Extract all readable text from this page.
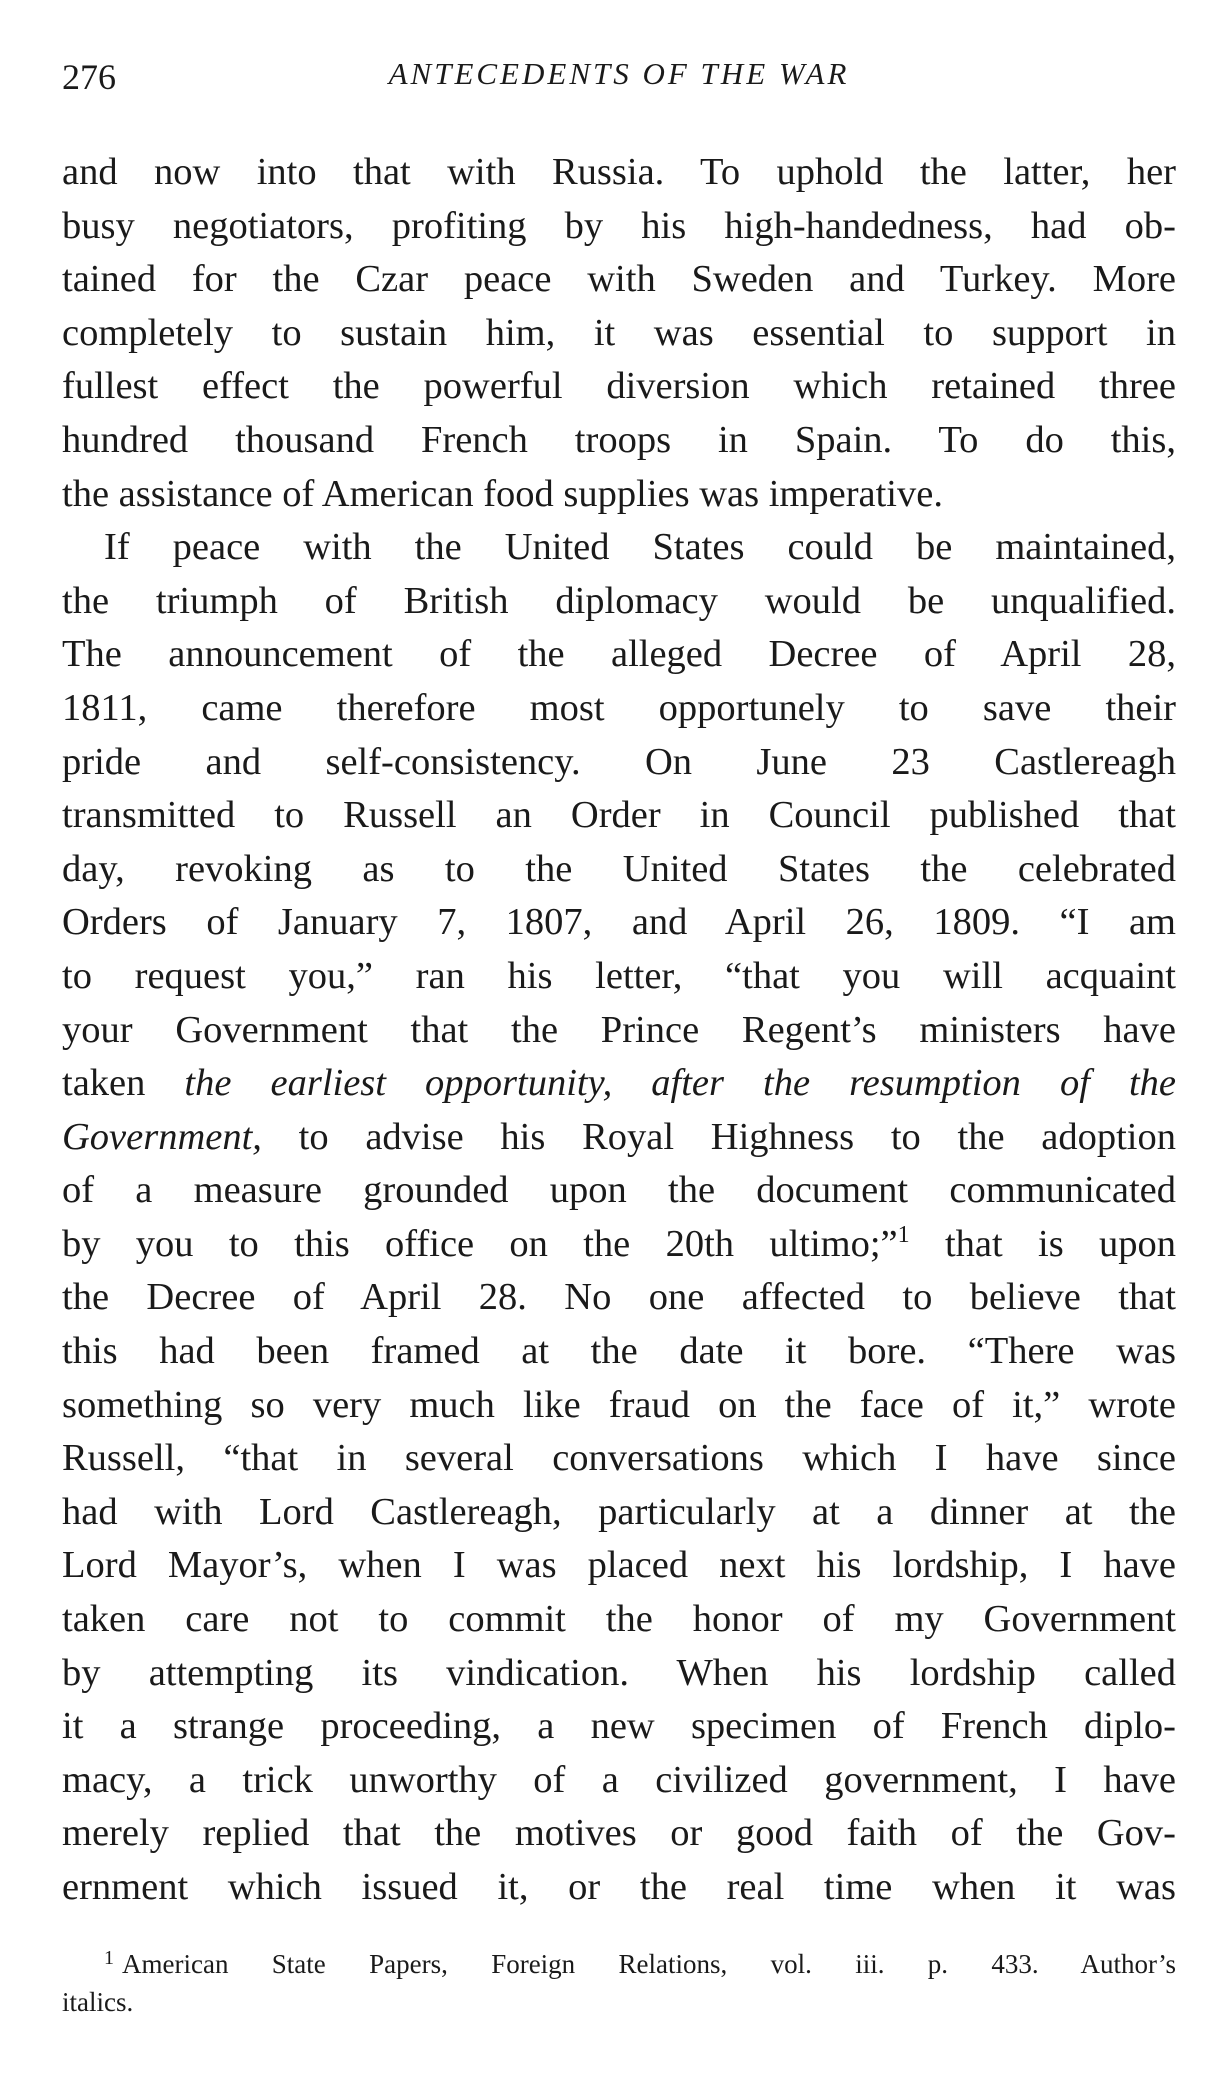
276	ANTECEDENTS OF THE WAR
and now into that with Russia. To uphold the latter, her
busy negotiators, profiting by his high-handedness, had ob-
tained for the Czar peace with Sweden and Turkey. More
completely to sustain him, it was essential to support in
fullest effect the powerful diversion which retained three
hundred thousand French troops in Spain. To do this,
the assistance of American food supplies was imperative.
If peace with the United States could be maintained,
the triumph of British diplomacy would be unqualified.
The announcement of the alleged Decree of April 28,
1811, came therefore most opportunely to save their
pride and self-consistency. On June 23 Castlereagh
transmitted to Russell an Order in Council published that
day, revoking as to the United States the celebrated
Orders of January 7, 1807, and April 26, 1809. “I am
to request you,” ran his letter, “that you will acquaint
your Government that the Prince Regent’s ministers have
taken the earliest opportunity, after the resumption of the
Government, to advise his Royal Highness to the adoption
of a measure grounded upon the document communicated
by you to this office on the 20th ultimo;”$^1$ that is upon
the Decree of April 28. No one affected to believe that
this had been framed at the date it bore. “There was
something so very much like fraud on the face of it,” wrote
Russell, “that in several conversations which I have since
had with Lord Castlereagh, particularly at a dinner at the
Lord Mayor’s, when I was placed next his lordship, I have
taken care not to commit the honor of my Government
by attempting its vindication. When his lordship called
it a strange proceeding, a new specimen of French diplo-
macy, a trick unworthy of a civilized government, I have
merely replied that the motives or good faith of the Gov-
ernment which issued it, or the real time when it was
$^1$ American State Papers, Foreign Relations, vol. iii. p. 433. Author’s
italics.
